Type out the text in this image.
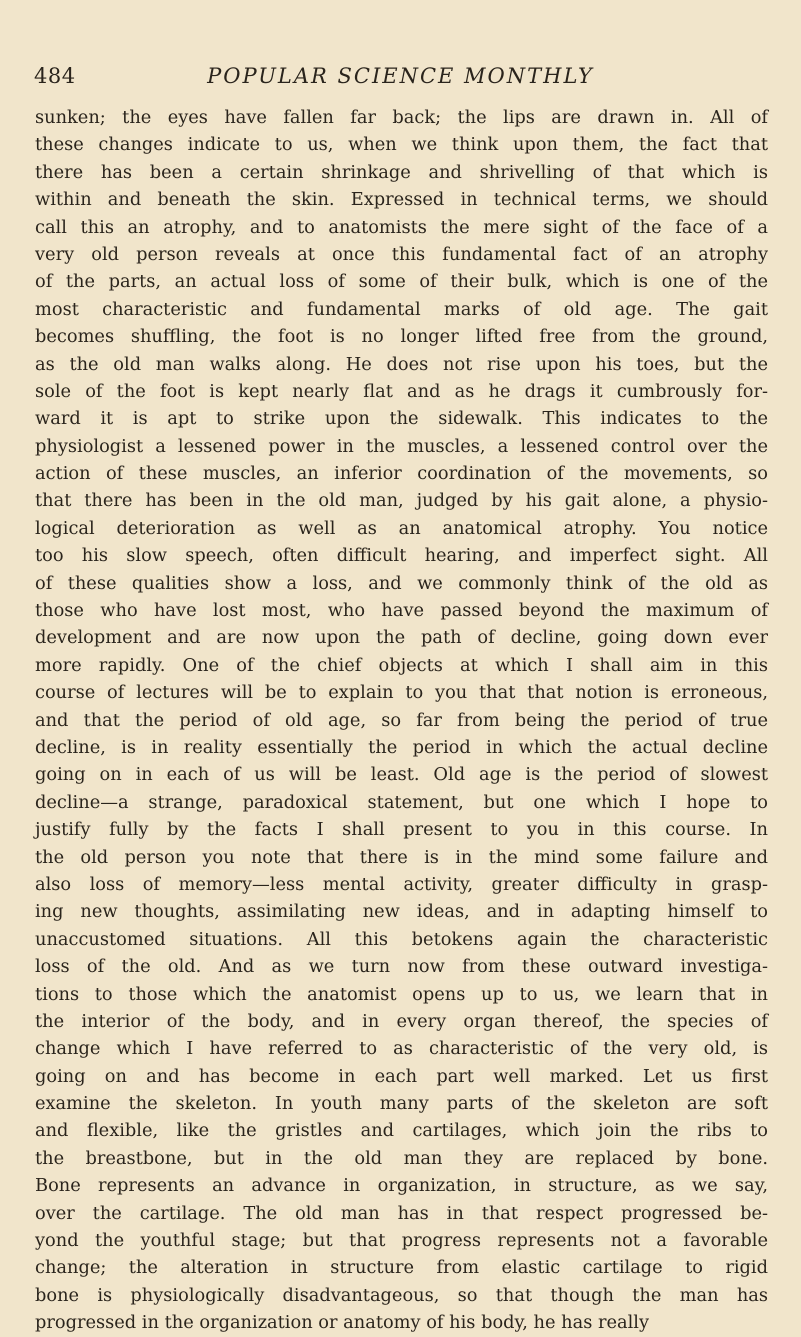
484	POPULAR SCIENCE MONTHLY
sunken; the eyes have fallen far back; the lips are drawn in. All of
these changes indicate to us, when we think upon them, the fact that
there has been a certain shrinkage and shrivelling of that which is
within and beneath the skin. Expressed in technical terms, we should
call this an atrophy, and to anatomists the mere sight of the face of a
very old person reveals at once this fundamental fact of an atrophy
of the parts, an actual loss of some of their bulk, which is one of the
most characteristic and fundamental marks of old age. The gait
becomes shuffling, the foot is no longer lifted free from the ground,
as the old man walks along. He does not rise upon his toes, but the
sole of the foot is kept nearly flat and as he drags it cumbrously for-
ward it is apt to strike upon the sidewalk. This indicates to the
physiologist a lessened power in the muscles, a lessened control over the
action of these muscles, an inferior coordination of the movements, so
that there has been in the old man, judged by his gait alone, a physio-
logical deterioration as well as an anatomical atrophy. You notice
too his slow speech, often difficult hearing, and imperfect sight. All
of these qualities show a loss, and we commonly think of the old as
those who have lost most, who have passed beyond the maximum of
development and are now upon the path of decline, going down ever
more rapidly. One of the chief objects at which I shall aim in this
course of lectures will be to explain to you that that notion is erroneous,
and that the period of old age, so far from being the period of true
decline, is in reality essentially the period in which the actual decline
going on in each of us will be least. Old age is the period of slowest
decline—a strange, paradoxical statement, but one which I hope to
justify fully by the facts I shall present to you in this course. In
the old person you note that there is in the mind some failure and
also loss of memory—less mental activity, greater difficulty in grasp-
ing new thoughts, assimilating new ideas, and in adapting himself to
unaccustomed situations. All this betokens again the characteristic
loss of the old. And as we turn now from these outward investiga-
tions to those which the anatomist opens up to us, we learn that in
the interior of the body, and in every organ thereof, the species of
change which I have referred to as characteristic of the very old, is
going on and has become in each part well marked. Let us first
examine the skeleton. In youth many parts of the skeleton are soft
and flexible, like the gristles and cartilages, which join the ribs to
the breastbone, but in the old man they are replaced by bone.
Bone represents an advance in organization, in structure, as we say,
over the cartilage. The old man has in that respect progressed be-
yond the youthful stage; but that progress represents not a favorable
change; the alteration in structure from elastic cartilage to rigid
bone is physiologically disadvantageous, so that though the man has
progressed in the organization or anatomy of his body, he has really
